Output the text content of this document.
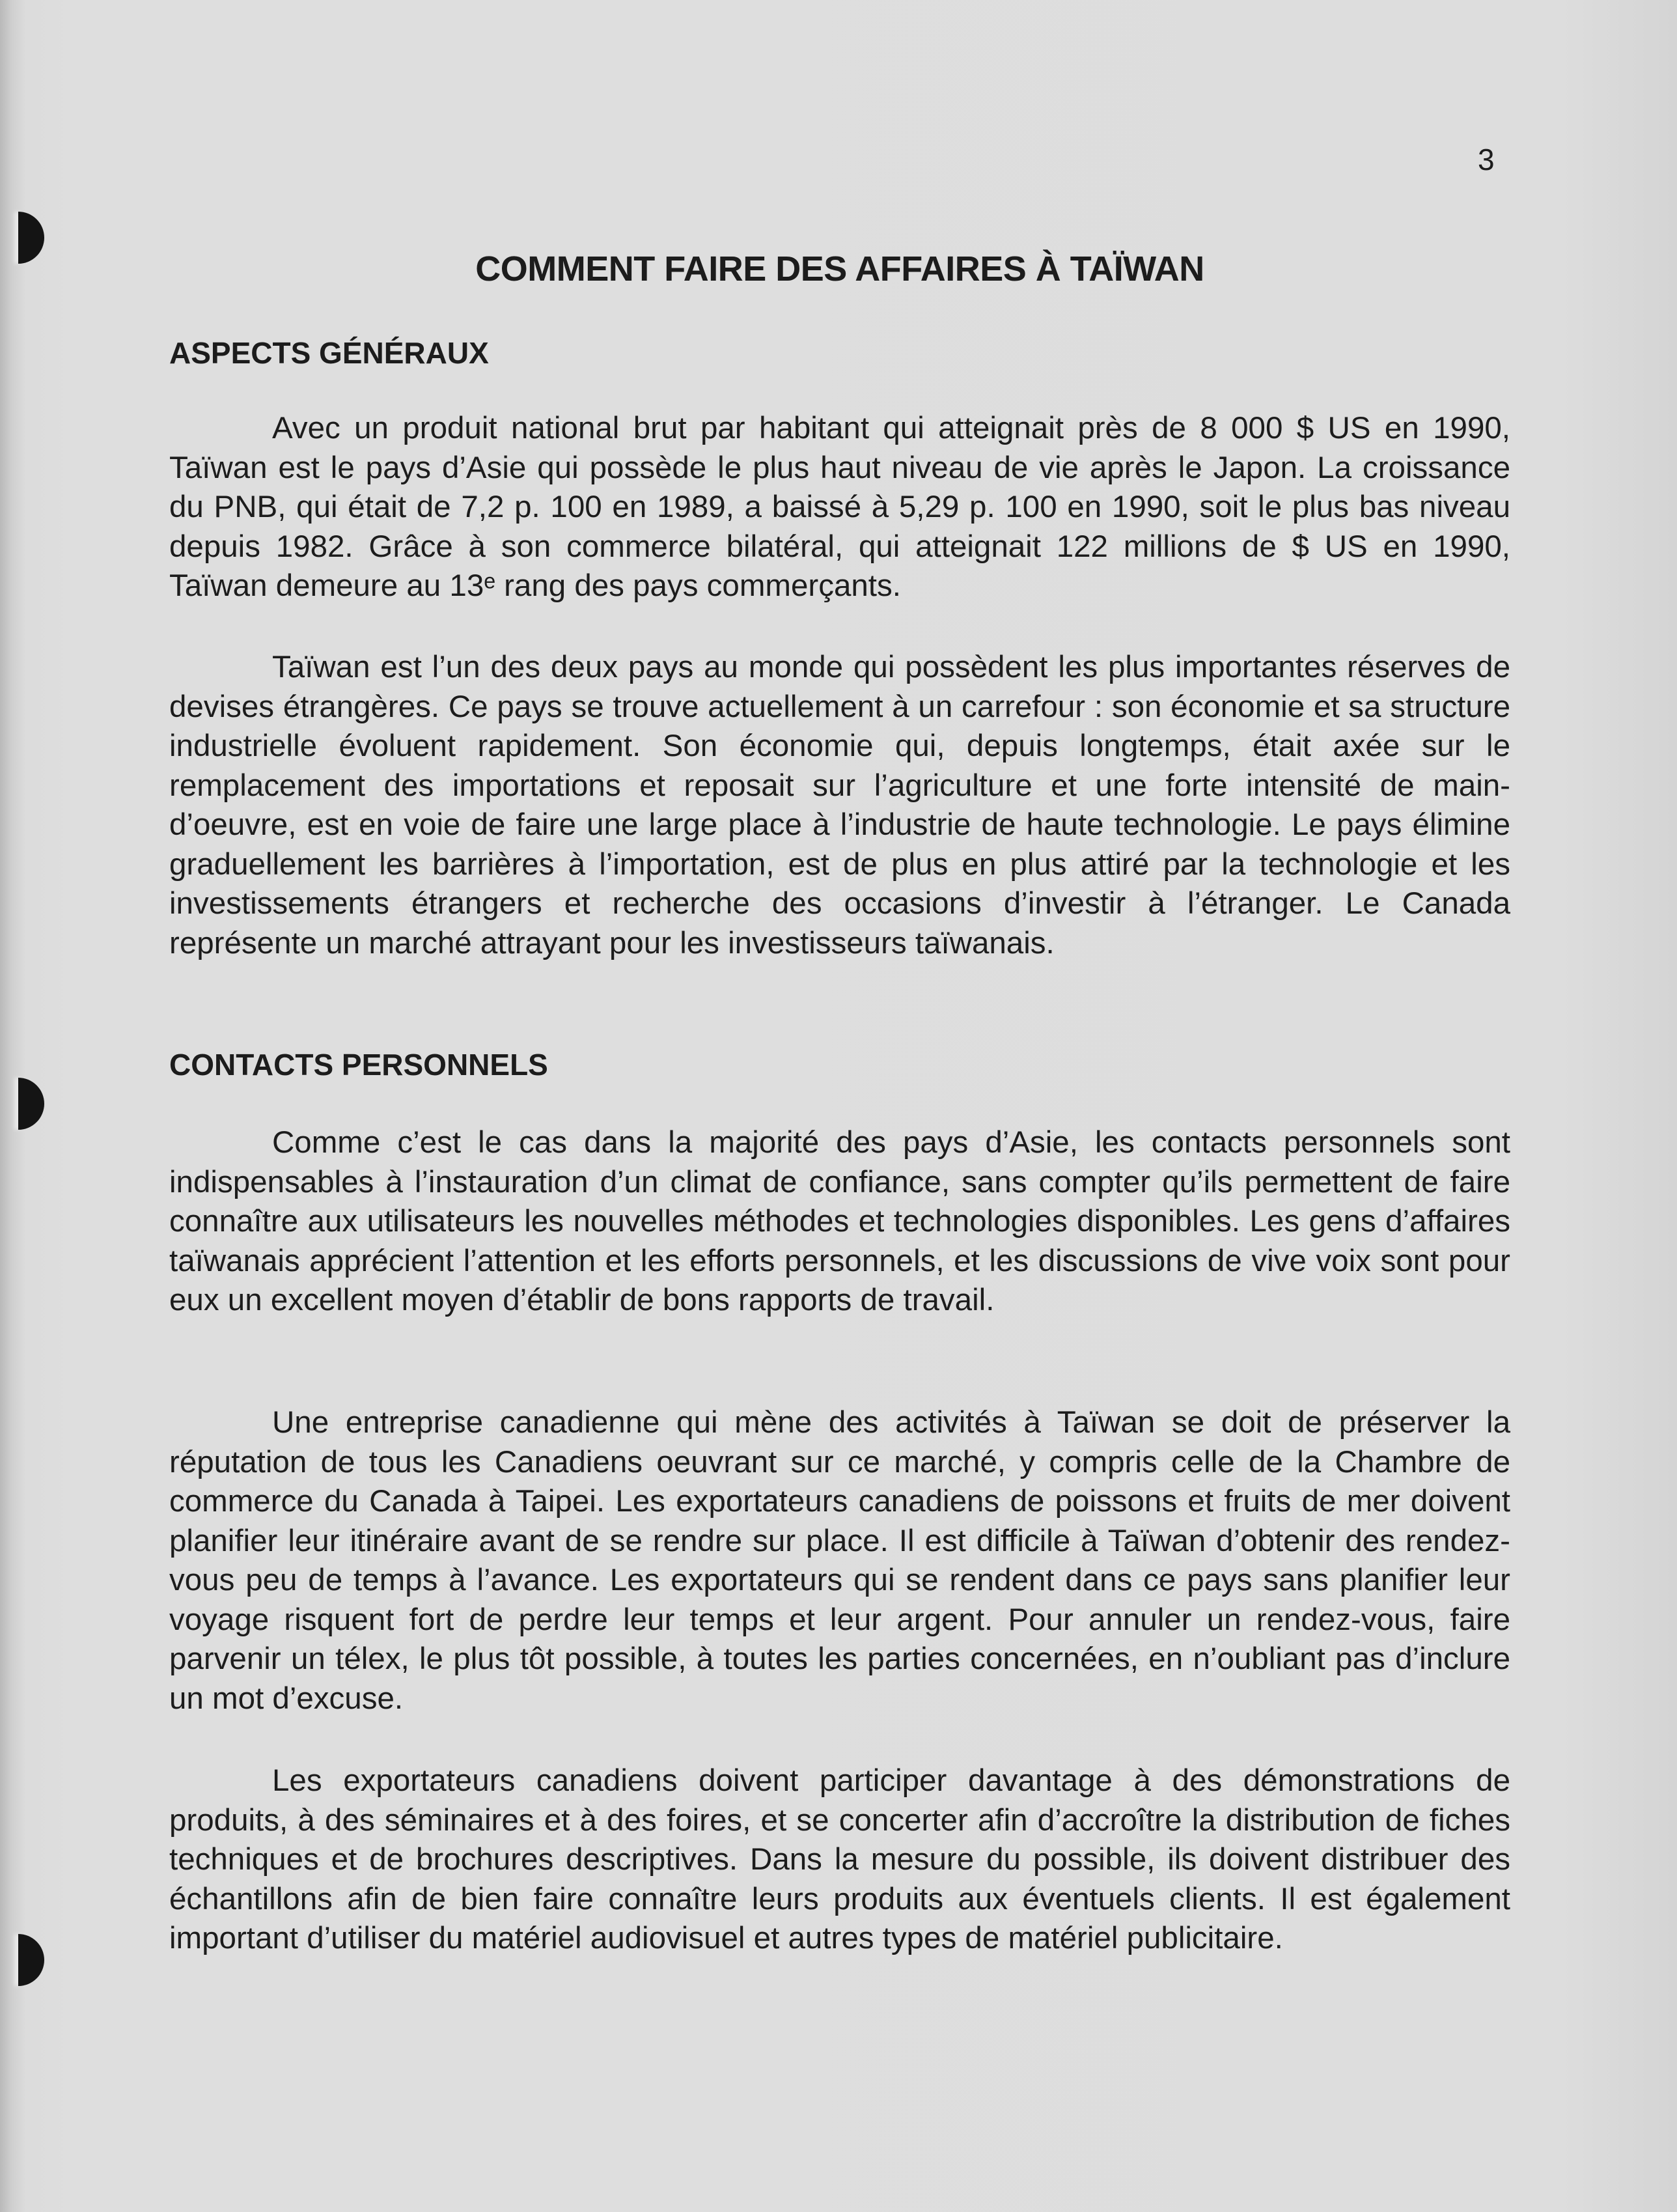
3
COMMENT FAIRE DES AFFAIRES À TAÏWAN
ASPECTS GÉNÉRAUX

Avec un produit national brut par habitant qui atteignait près de 8 000 $ US en 1990, Taïwan est le pays d’Asie qui possède le plus haut niveau de vie après le Japon. La croissance du PNB, qui était de 7,2 p. 100 en 1989, a baissé à 5,29 p. 100 en 1990, soit le plus bas niveau depuis 1982. Grâce à son commerce bilatéral, qui atteignait 122 millions de $ US en 1990, Taïwan demeure au 13ᵉ rang des pays commerçants.

Taïwan est l’un des deux pays au monde qui possèdent les plus importantes réserves de devises étrangères. Ce pays se trouve actuellement à un carrefour : son économie et sa structure industrielle évoluent rapidement. Son économie qui, depuis longtemps, était axée sur le remplacement des importations et reposait sur l’agriculture et une forte intensité de main-d’oeuvre, est en voie de faire une large place à l’industrie de haute technologie. Le pays élimine graduellement les barrières à l’importation, est de plus en plus attiré par la technologie et les investissements étrangers et recherche des occasions d’investir à l’étranger. Le Canada représente un marché attrayant pour les investisseurs taïwanais.

CONTACTS PERSONNELS

Comme c’est le cas dans la majorité des pays d’Asie, les contacts personnels sont indispensables à l’instauration d’un climat de confiance, sans compter qu’ils permettent de faire connaître aux utilisateurs les nouvelles méthodes et technologies disponibles. Les gens d’affaires taïwanais apprécient l’attention et les efforts personnels, et les discussions de vive voix sont pour eux un excellent moyen d’établir de bons rapports de travail.

Une entreprise canadienne qui mène des activités à Taïwan se doit de préserver la réputation de tous les Canadiens oeuvrant sur ce marché, y compris celle de la Chambre de commerce du Canada à Taipei. Les exportateurs canadiens de poissons et fruits de mer doivent planifier leur itinéraire avant de se rendre sur place. Il est difficile à Taïwan d’obtenir des rendez-vous peu de temps à l’avance. Les exportateurs qui se rendent dans ce pays sans planifier leur voyage risquent fort de perdre leur temps et leur argent. Pour annuler un rendez-vous, faire parvenir un télex, le plus tôt possible, à toutes les parties concernées, en n’oubliant pas d’inclure un mot d’excuse.

Les exportateurs canadiens doivent participer davantage à des démonstrations de produits, à des séminaires et à des foires, et se concerter afin d’accroître la distribution de fiches techniques et de brochures descriptives. Dans la mesure du possible, ils doivent distribuer des échantillons afin de bien faire connaître leurs produits aux éventuels clients. Il est également important d’utiliser du matériel audiovisuel et autres types de matériel publicitaire.
